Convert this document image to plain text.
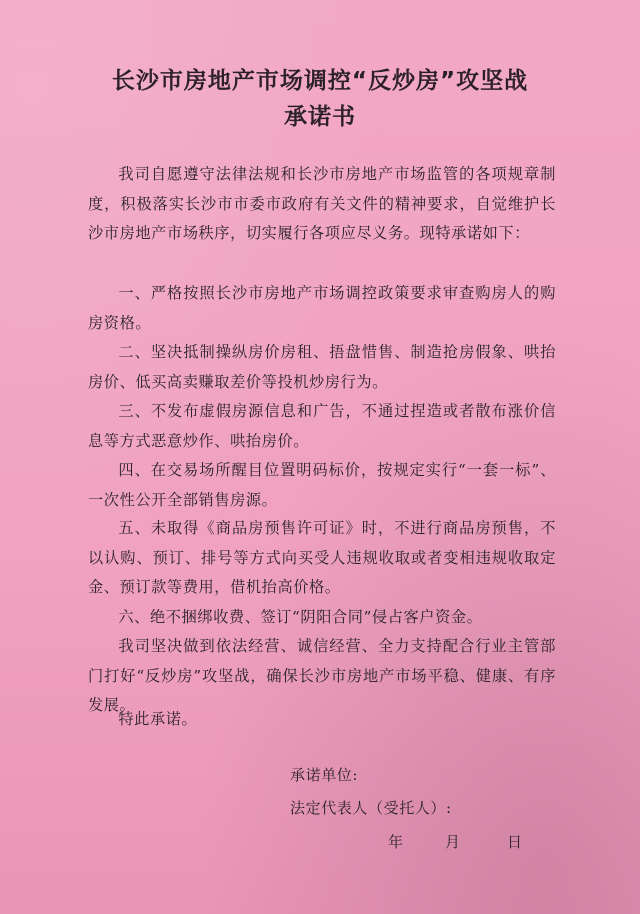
长沙市房地产市场调控“反炒房”攻坚战
承诺书

我司自愿遵守法律法规和长沙市房地产市场监管的各项规章制度，积极落实长沙市市委市政府有关文件的精神要求，自觉维护长沙市房地产市场秩序，切实履行各项应尽义务。现特承诺如下：

一、严格按照长沙市房地产市场调控政策要求审查购房人的购房资格。

二、坚决抵制操纵房价房租、捂盘惜售、制造抢房假象、哄抬房价、低买高卖赚取差价等投机炒房行为。

三、不发布虚假房源信息和广告，不通过捏造或者散布涨价信息等方式恶意炒作、哄抬房价。

四、在交易场所醒目位置明码标价，按规定实行“一套一标”、一次性公开全部销售房源。

五、未取得《商品房预售许可证》时，不进行商品房预售，不以认购、预订、排号等方式向买受人违规收取或者变相违规收取定金、预订款等费用，借机抬高价格。

六、绝不捆绑收费、签订“阴阳合同”侵占客户资金。

我司坚决做到依法经营、诚信经营、全力支持配合行业主管部门打好“反炒房”攻坚战，确保长沙市房地产市场平稳、健康、有序发展。

特此承诺。

承诺单位:
法定代表人（受托人）:
年	月	日
